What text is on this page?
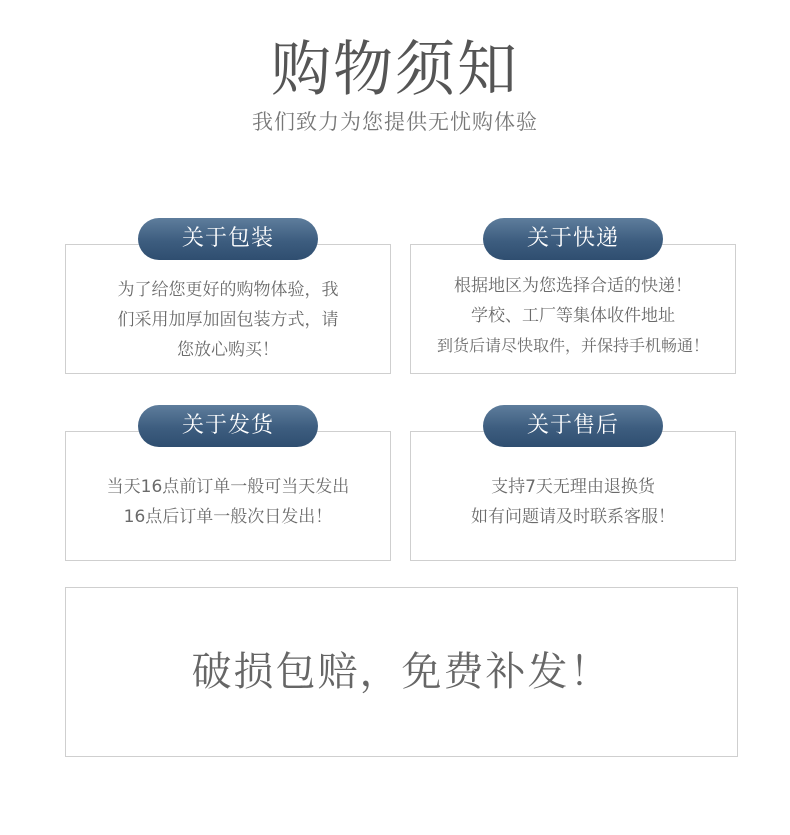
购物须知
我们致力为您提供无忧购体验
关于包装
为了给您更好的购物体验，我
们采用加厚加固包装方式，请
您放心购买！
关于快递
根据地区为您选择合适的快递！
学校、工厂等集体收件地址
到货后请尽快取件，并保持手机畅通！
关于发货
当天16点前订单一般可当天发出
16点后订单一般次日发出！
关于售后
支持7天无理由退换货
如有问题请及时联系客服！
破损包赔，免费补发！
